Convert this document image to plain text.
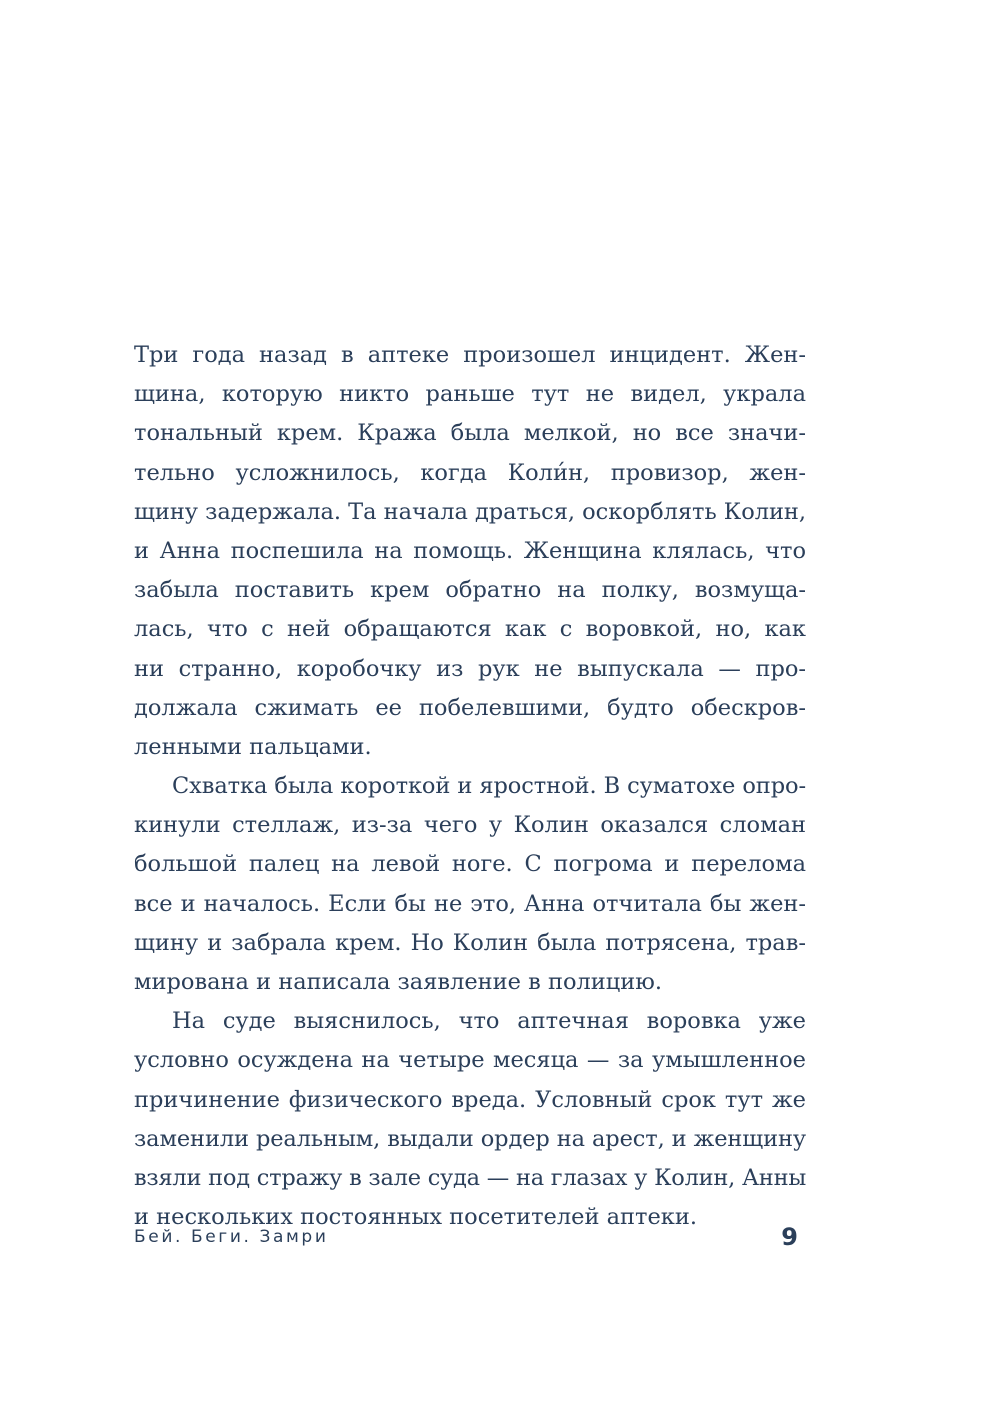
Три года назад в аптеке произошел инцидент. Жен-
щина, которую никто раньше тут не видел, украла
тональный крем. Кража была мелкой, но все значи-
тельно усложнилось, когда Коли́н, провизор, жен-
щину задержала. Та начала драться, оскорблять Колин,
и Анна поспешила на помощь. Женщина клялась, что
забыла поставить крем обратно на полку, возмуща-
лась, что с ней обращаются как с воровкой, но, как
ни странно, коробочку из рук не выпускала — про-
должала сжимать ее побелевшими, будто обескров-
ленными пальцами.
Схватка была короткой и яростной. В суматохе опро-
кинули стеллаж, из-за чего у Колин оказался сломан
большой палец на левой ноге. С погрома и перелома
все и началось. Если бы не это, Анна отчитала бы жен-
щину и забрала крем. Но Колин была потрясена, трав-
мирована и написала заявление в полицию.
На суде выяснилось, что аптечная воровка уже
условно осуждена на четыре месяца — за умышленное
причинение физического вреда. Условный срок тут же
заменили реальным, выдали ордер на арест, и женщину
взяли под стражу в зале суда — на глазах у Колин, Анны
и нескольких постоянных посетителей аптеки.
Бей. Беги. Замри	9
